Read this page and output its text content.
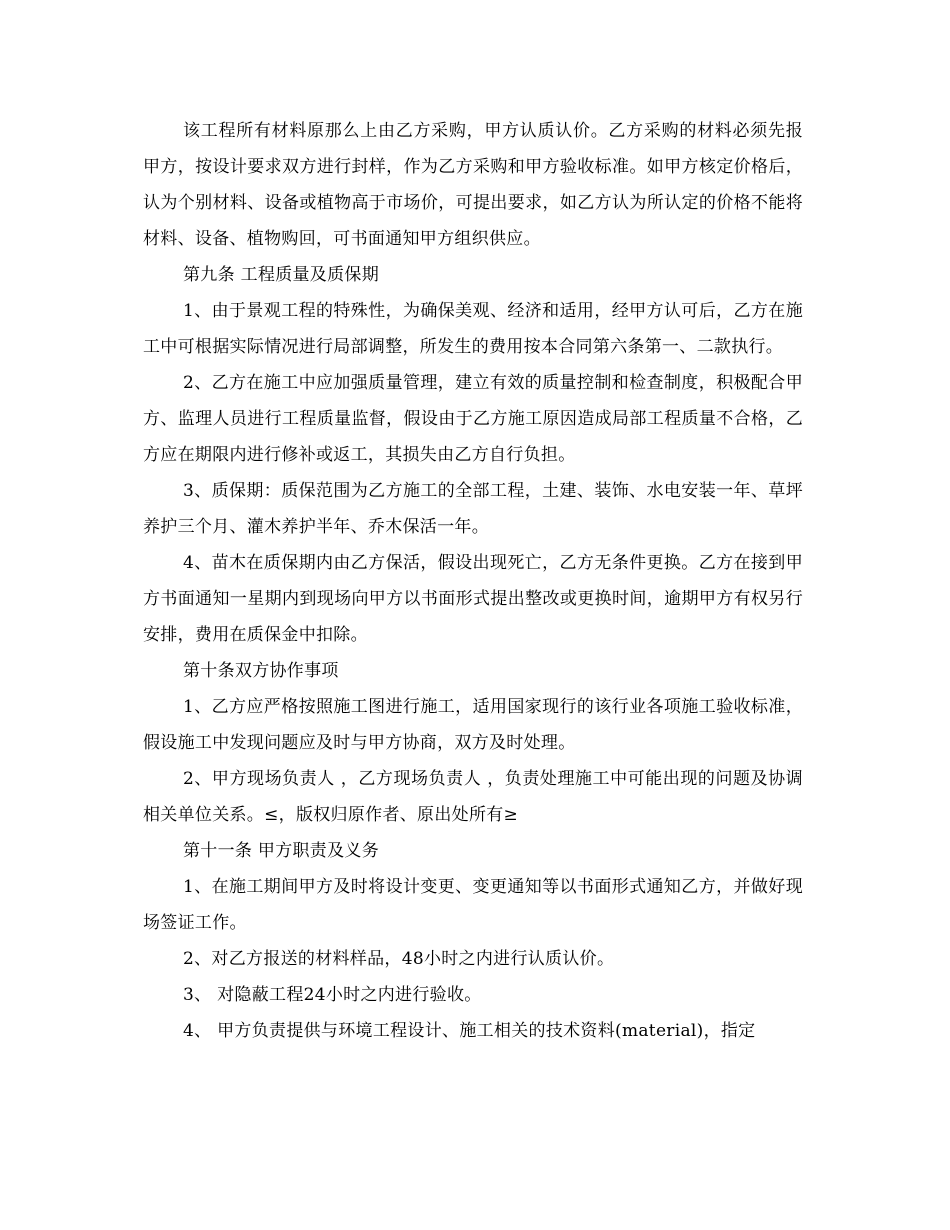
该工程所有材料原那么上由乙方采购，甲方认质认价。乙方采购的材料必须先报甲方，按设计要求双方进行封样，作为乙方采购和甲方验收标准。如甲方核定价格后，认为个别材料、设备或植物高于市场价，可提出要求，如乙方认为所认定的价格不能将材料、设备、植物购回，可书面通知甲方组织供应。

第九条 工程质量及质保期

1、由于景观工程的特殊性，为确保美观、经济和适用，经甲方认可后，乙方在施工中可根据实际情况进行局部调整，所发生的费用按本合同第六条第一、二款执行。

2、乙方在施工中应加强质量管理，建立有效的质量控制和检查制度，积极配合甲方、监理人员进行工程质量监督，假设由于乙方施工原因造成局部工程质量不合格，乙方应在期限内进行修补或返工，其损失由乙方自行负担。

3、质保期：质保范围为乙方施工的全部工程，土建、装饰、水电安装一年、草坪养护三个月、灌木养护半年、乔木保活一年。

4、苗木在质保期内由乙方保活，假设出现死亡，乙方无条件更换。乙方在接到甲方书面通知一星期内到现场向甲方以书面形式提出整改或更换时间，逾期甲方有权另行安排，费用在质保金中扣除。

第十条双方协作事项

1、乙方应严格按照施工图进行施工，适用国家现行的该行业各项施工验收标准，假设施工中发现问题应及时与甲方协商，双方及时处理。

2、甲方现场负责人 ，乙方现场负责人 ，负责处理施工中可能出现的问题及协调相关单位关系。≤，版权归原作者、原出处所有≥

第十一条 甲方职责及义务

1、在施工期间甲方及时将设计变更、变更通知等以书面形式通知乙方，并做好现场签证工作。

2、对乙方报送的材料样品，48小时之内进行认质认价。

3、 对隐蔽工程24小时之内进行验收。

4、 甲方负责提供与环境工程设计、施工相关的技术资料(material)，指定
